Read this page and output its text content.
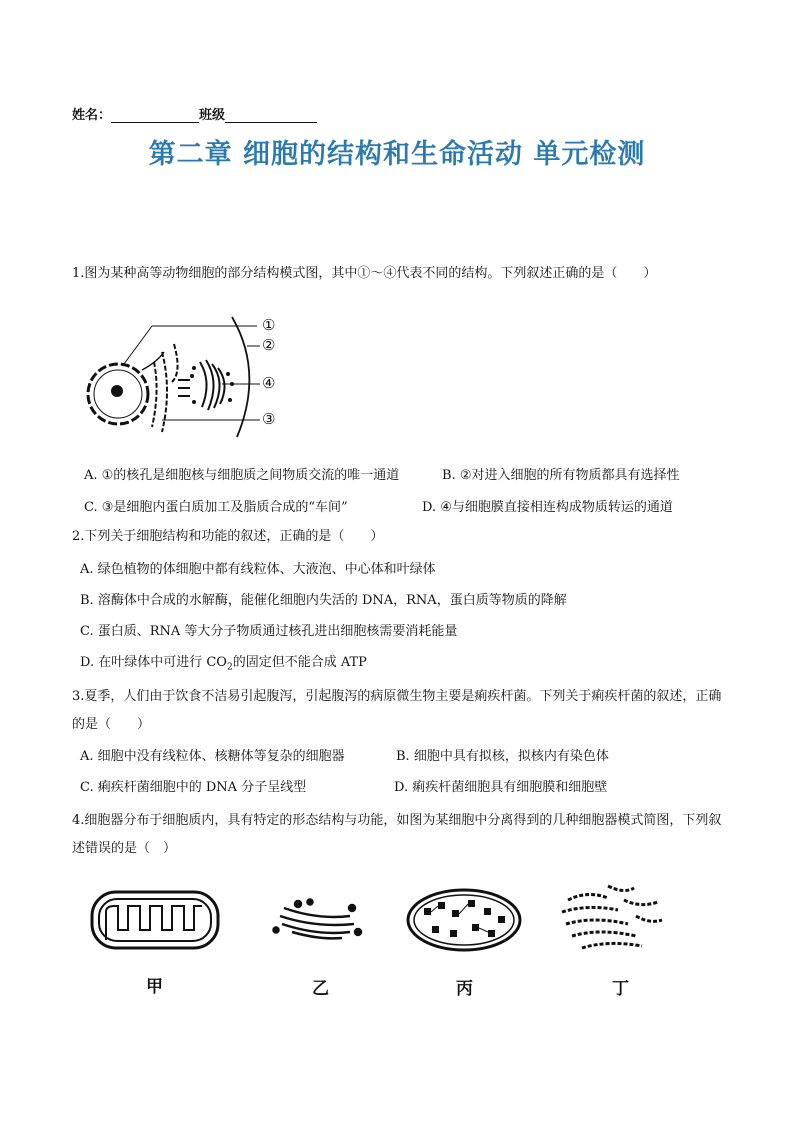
姓名：	班级
第二章 细胞的结构和生命活动 单元检测
1.图为某种高等动物细胞的部分结构模式图，其中①～④代表不同的结构。下列叙述正确的是（　　）
①
②
④
③
A. ①的核孔是细胞核与细胞质之间物质交流的唯一通道	B. ②对进入细胞的所有物质都具有选择性
C. ③是细胞内蛋白质加工及脂质合成的“车间”	D. ④与细胞膜直接相连构成物质转运的通道
2.下列关于细胞结构和功能的叙述，正确的是（　　）
A. 绿色植物的体细胞中都有线粒体、大液泡、中心体和叶绿体
B. 溶酶体中合成的水解酶，能催化细胞内失活的 DNA，RNA，蛋白质等物质的降解
C. 蛋白质、RNA 等大分子物质通过核孔进出细胞核需要消耗能量
D. 在叶绿体中可进行 $CO_2$的固定但不能合成 ATP
3.夏季，人们由于饮食不洁易引起腹泻，引起腹泻的病原微生物主要是痢疾杆菌。下列关于痢疾杆菌的叙述，正确的是（　　）
A. 细胞中没有线粒体、核糖体等复杂的细胞器	B. 细胞中具有拟核，拟核内有染色体
C. 痢疾杆菌细胞中的 DNA 分子呈线型	D. 痢疾杆菌细胞具有细胞膜和细胞壁
4.细胞器分布于细胞质内，具有特定的形态结构与功能，如图为某细胞中分离得到的几种细胞器模式简图，下列叙述错误的是（　）
甲	乙	丙	丁
